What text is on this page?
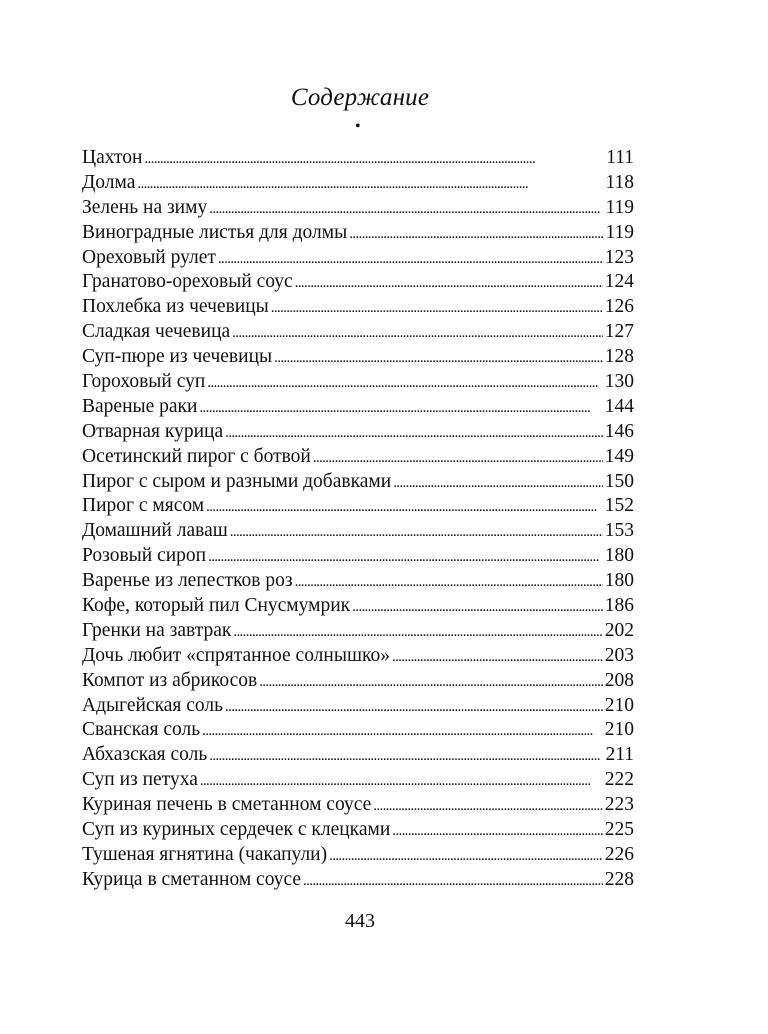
Содержание
•
Цахтон . . .	111
Долма . . .	118
Зелень на зиму . . .	119
Виноградные листья для долмы . . .	119
Ореховый рулет . . .	123
Гранатово-ореховый соус . . .	124
Похлебка из чечевицы . . .	126
Сладкая чечевица . . .	127
Суп-пюре из чечевицы . . .	128
Гороховый суп . . .	130
Вареные раки . . .	144
Отварная курица . . .	146
Осетинский пирог с ботвой . . .	149
Пирог с сыром и разными добавками . . .	150
Пирог с мясом . . .	152
Домашний лаваш . . .	153
Розовый сироп . . .	180
Варенье из лепестков роз . . .	180
Кофе, который пил Снусмумрик . . .	186
Гренки на завтрак . . .	202
Дочь любит «спрятанное солнышко» . . .	203
Компот из абрикосов . . .	208
Адыгейская соль . . .	210
Сванская соль . . .	210
Абхазская соль . . .	211
Суп из петуха . . .	222
Куриная печень в сметанном соусе . . .	223
Суп из куриных сердечек с клецками . . .	225
Тушеная ягнятина (чакапули) . . .	226
Курица в сметанном соусе . . .	228
443
